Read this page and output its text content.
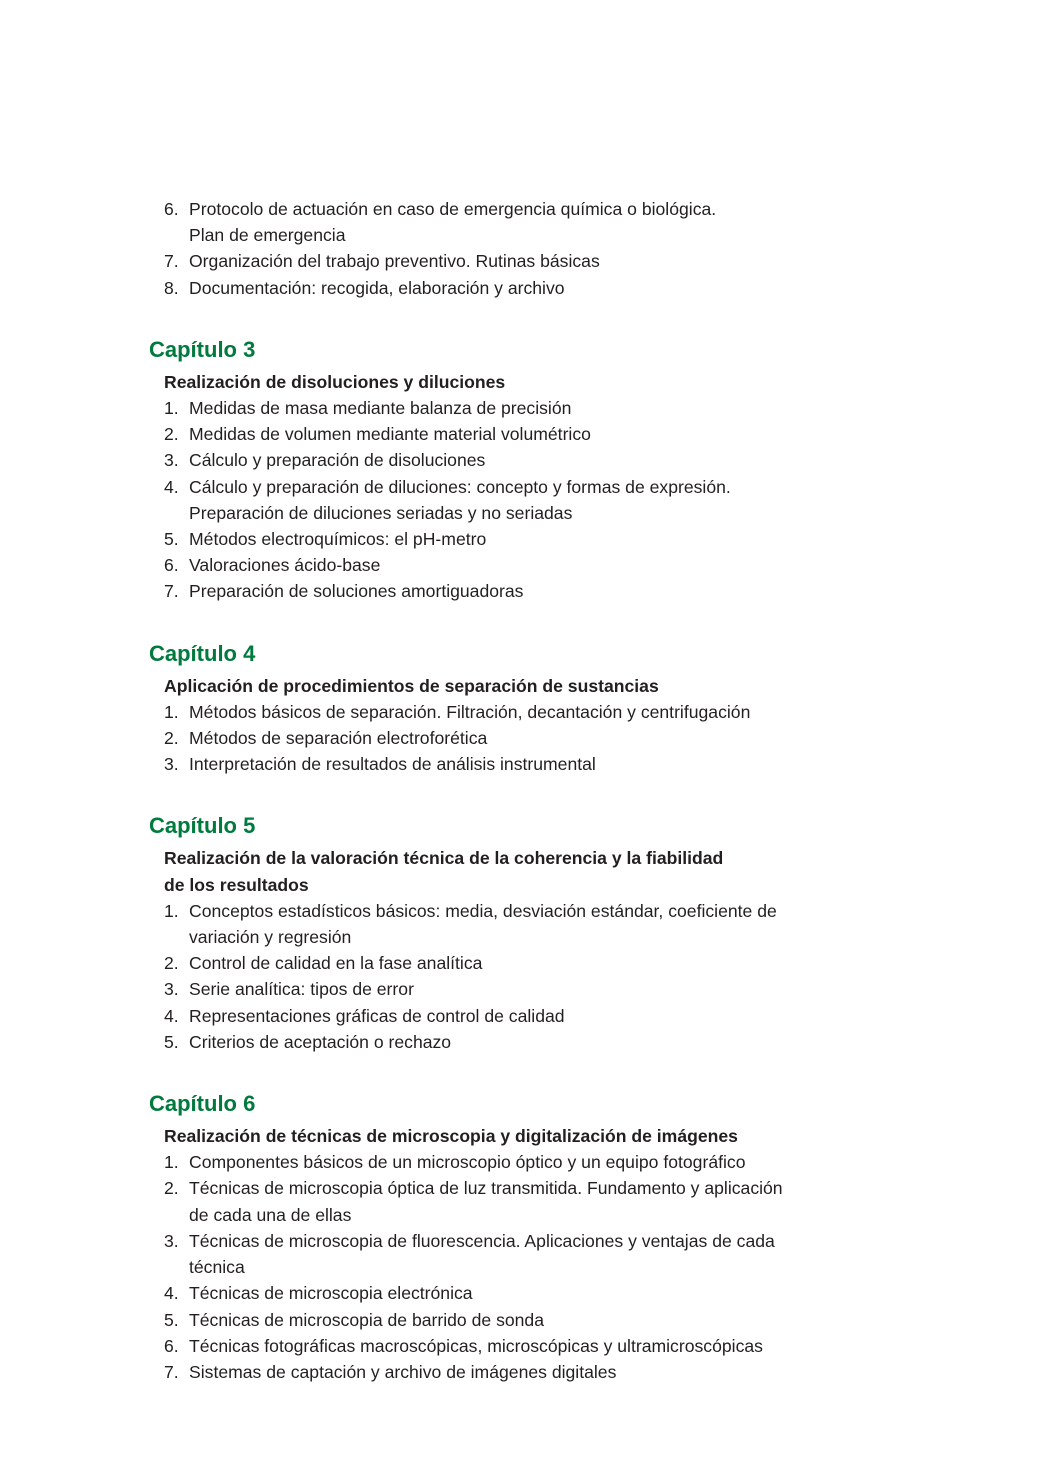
6. Protocolo de actuación en caso de emergencia química o biológica.
Plan de emergencia
7. Organización del trabajo preventivo. Rutinas básicas
8. Documentación: recogida, elaboración y archivo
Capítulo 3
Realización de disoluciones y diluciones
1. Medidas de masa mediante balanza de precisión
2. Medidas de volumen mediante material volumétrico
3. Cálculo y preparación de disoluciones
4. Cálculo y preparación de diluciones: concepto y formas de expresión.
Preparación de diluciones seriadas y no seriadas
5. Métodos electroquímicos: el pH-metro
6. Valoraciones ácido-base
7. Preparación de soluciones amortiguadoras
Capítulo 4
Aplicación de procedimientos de separación de sustancias
1. Métodos básicos de separación. Filtración, decantación y centrifugación
2. Métodos de separación electroforética
3. Interpretación de resultados de análisis instrumental
Capítulo 5
Realización de la valoración técnica de la coherencia y la fiabilidad
de los resultados
1. Conceptos estadísticos básicos: media, desviación estándar, coeficiente de
variación y regresión
2. Control de calidad en la fase analítica
3. Serie analítica: tipos de error
4. Representaciones gráficas de control de calidad
5. Criterios de aceptación o rechazo
Capítulo 6
Realización de técnicas de microscopia y digitalización de imágenes
1. Componentes básicos de un microscopio óptico y un equipo fotográfico
2. Técnicas de microscopia óptica de luz transmitida. Fundamento y aplicación
de cada una de ellas
3. Técnicas de microscopia de fluorescencia. Aplicaciones y ventajas de cada
técnica
4. Técnicas de microscopia electrónica
5. Técnicas de microscopia de barrido de sonda
6. Técnicas fotográficas macroscópicas, microscópicas y ultramicroscópicas
7. Sistemas de captación y archivo de imágenes digitales
